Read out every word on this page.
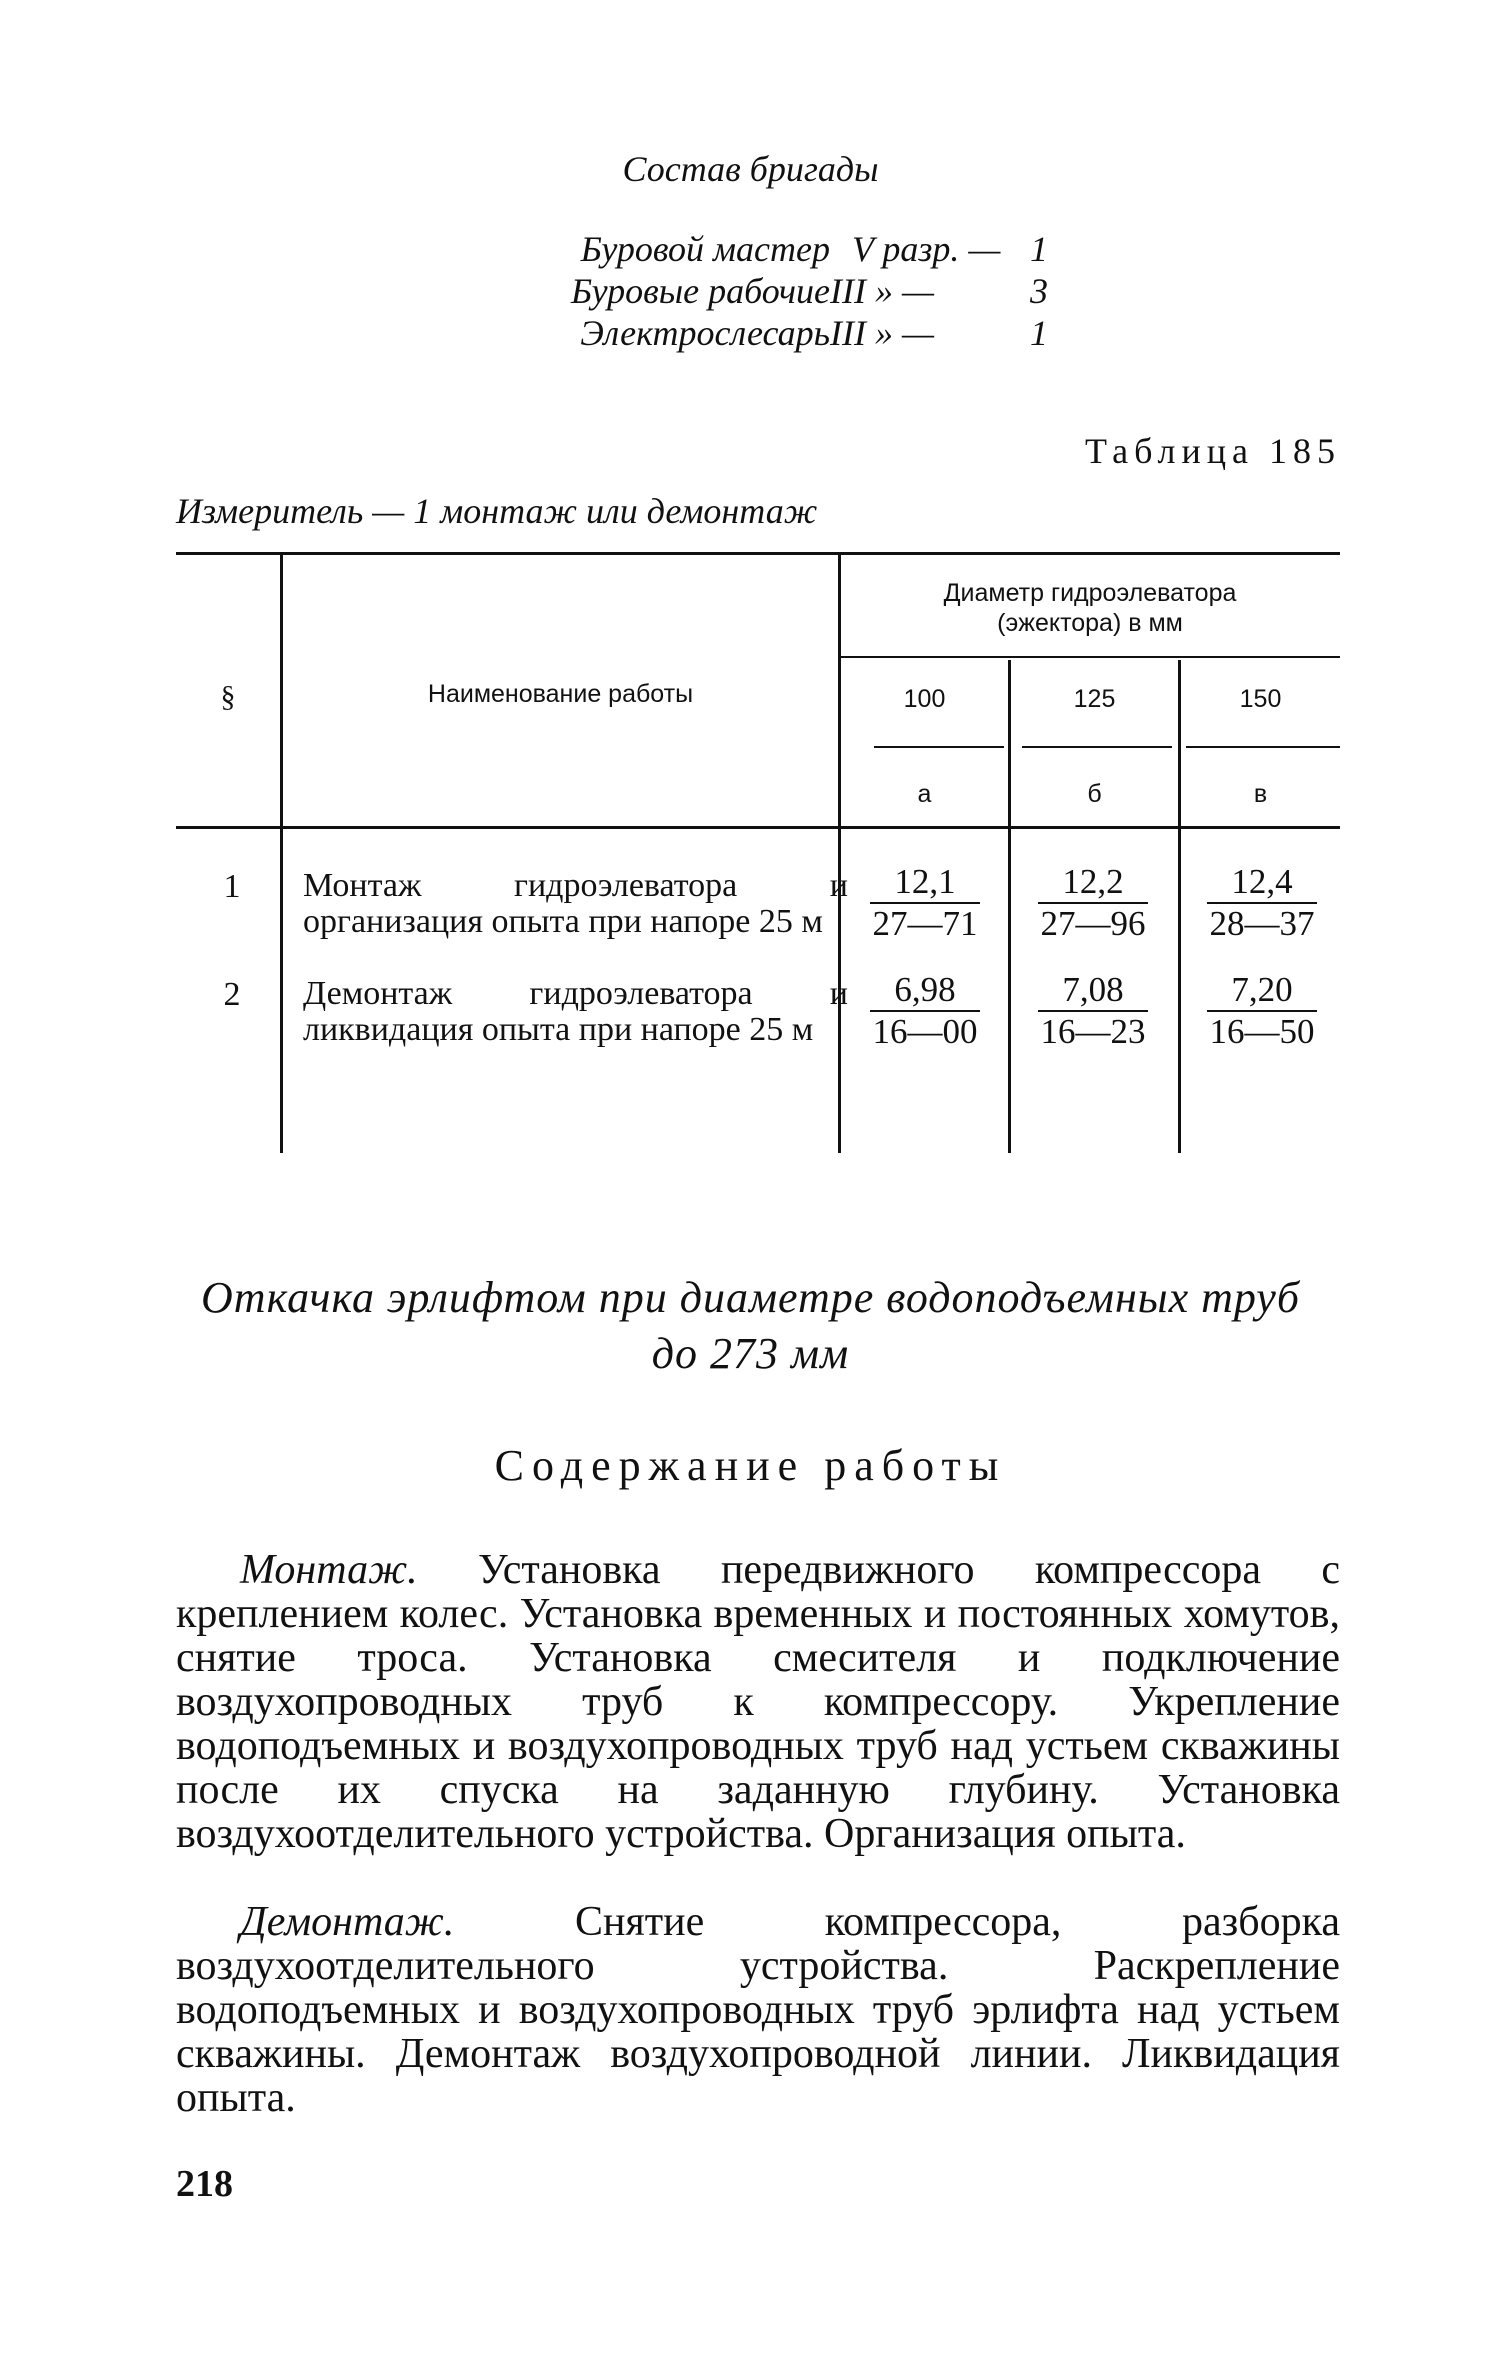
Состав бригады
Буровой мастер V разр. — 1
Буровые рабочие III » —	3
Электрослесарь III » —	1
Таблица 185
Измеритель — 1 монтаж или демонтаж
§	Наименование работы
Диаметр гидроэлеватора (эжектора) в мм
100	125	150
а	б	в
1	Монтаж гидроэлеватора и организация опыта при напоре 25 м $\frac{12,1}{27—71} \frac{12,2}{27—96} \frac{12,4}{28—37}$
2	Демонтаж гидроэлеватора и ликвидация опыта при напоре 25 м $\frac{6,98}{16—00} \frac{7,08}{16—23} \frac{7,20}{16—50}$
Откачка эрлифтом при диаметре водоподъемных труб до 273 мм
Содержание работы
Монтаж. Установка передвижного компрессора с креплением колес. Установка временных и постоянных хомутов, снятие троса. Установка смесителя и подключение воздухопроводных труб к компрессору. Укрепление водоподъемных и воздухопроводных труб над устьем скважины после их спуска на заданную глубину. Установка воздухоотделительного устройства. Организация опыта.
Демонтаж.	Снятие компрессора, разборка воздухоотделительного устройства. Раскрепление водоподъемных и воздухопроводных труб эрлифта над устьем скважины. Демонтаж воздухопроводной линии. Ликвидация опыта.
218
